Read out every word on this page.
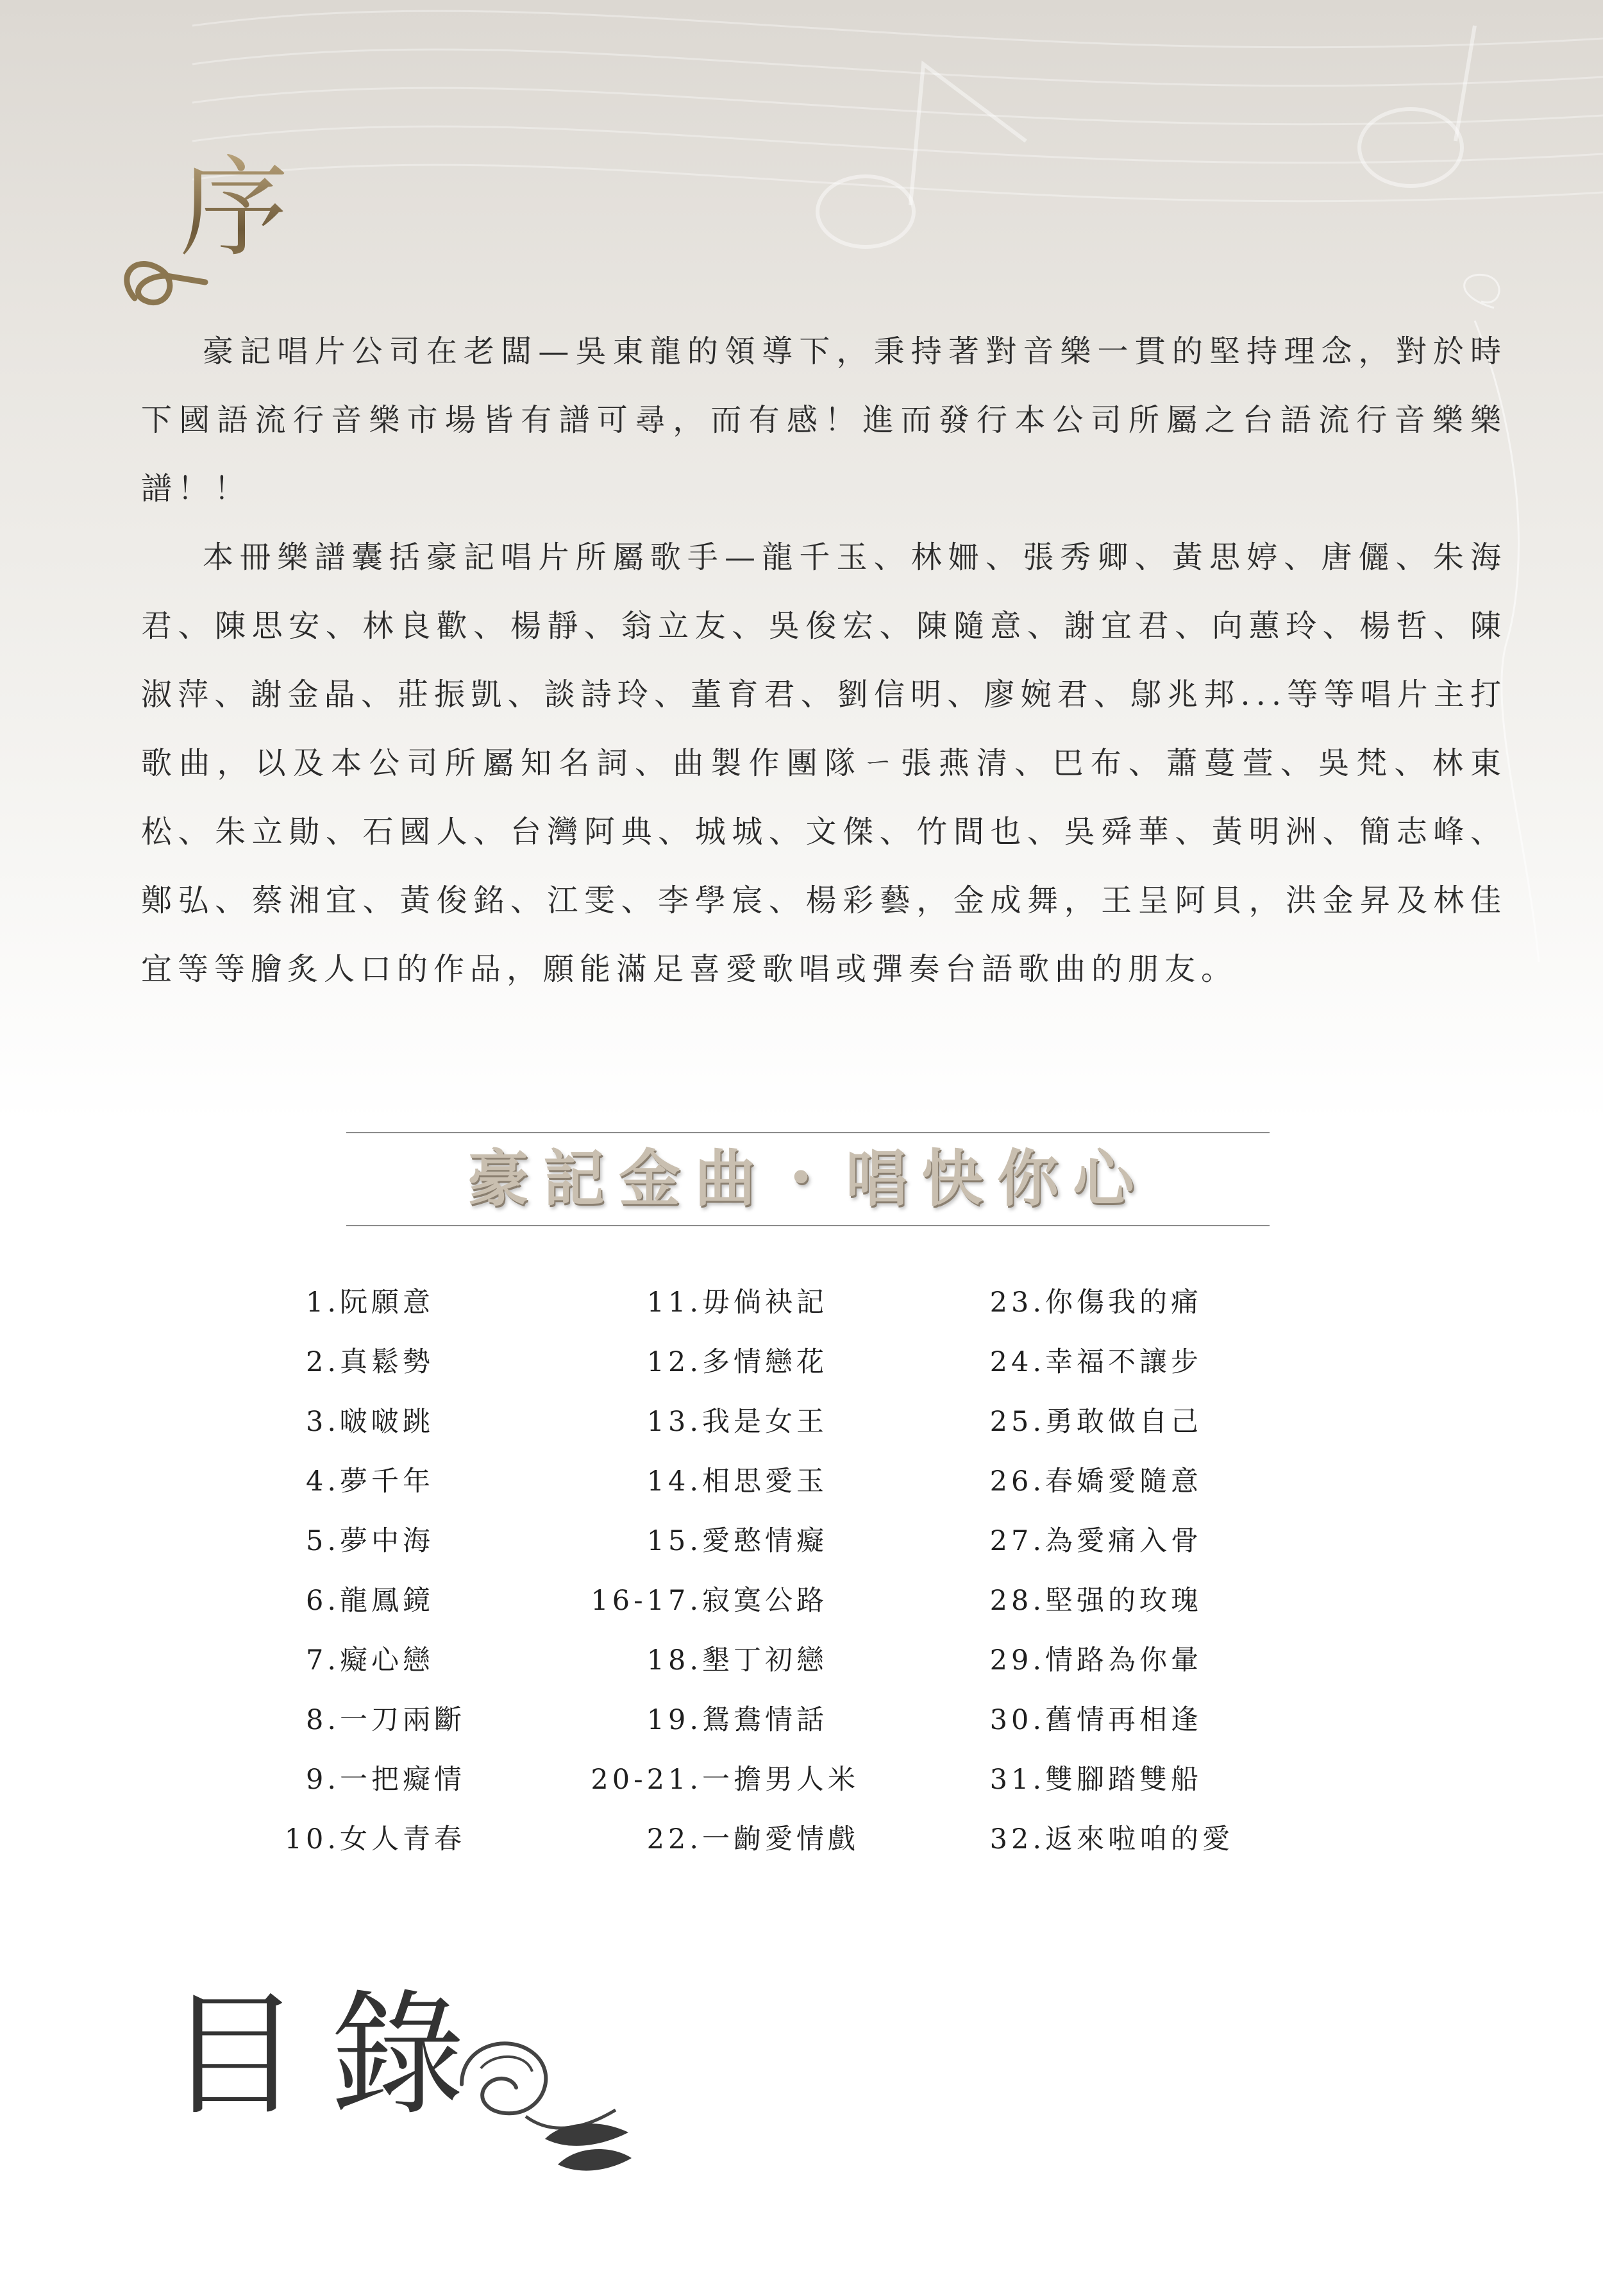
序

豪記唱片公司在老闆—吳東龍的領導下，秉持著對音樂一貫的堅持理念，對於時下國語流行音樂市場皆有譜可尋，而有感！進而發行本公司所屬之台語流行音樂樂譜！！

本冊樂譜囊括豪記唱片所屬歌手—龍千玉、林姍、張秀卿、黃思婷、唐儷、朱海君、陳思安、林良歡、楊靜、翁立友、吳俊宏、陳隨意、謝宜君、向蕙玲、楊哲、陳淑萍、謝金晶、莊振凱、談詩玲、董育君、劉信明、廖婉君、鄔兆邦...等等唱片主打歌曲，以及本公司所屬知名詞、曲製作團隊ㄧ張燕清、巴布、蕭蔓萱、吳梵、林東松、朱立勛、石國人、台灣阿典、城城、文傑、竹間也、吳舜華、黃明洲、簡志峰、鄭弘、蔡湘宜、黃俊銘、江雯、李學宸、楊彩藝，金成舞，王呈阿貝，洪金昇及林佳宜等等膾炙人口的作品，願能滿足喜愛歌唱或彈奏台語歌曲的朋友。

豪記金曲・唱快你心
1.阮願意
2.真鬆勢
3.啵啵跳
4.夢千年
5.夢中海
6.龍鳳鏡
7.癡心戀
8.一刀兩斷
9.一把癡情
10.女人青春
11.毋倘袂記
12.多情戀花
13.我是女王
14.相思愛玉
15.愛憨情癡
16-17.寂寞公路
18.墾丁初戀
19.鴛鴦情話
20-21.一擔男人米
22.一齣愛情戲
23.你傷我的痛
24.幸福不讓步
25.勇敢做自己
26.春嬌愛隨意
27.為愛痛入骨
28.堅强的玫瑰
29.情路為你暈
30.舊情再相逢
31.雙腳踏雙船
32.返來啦咱的愛
目錄
